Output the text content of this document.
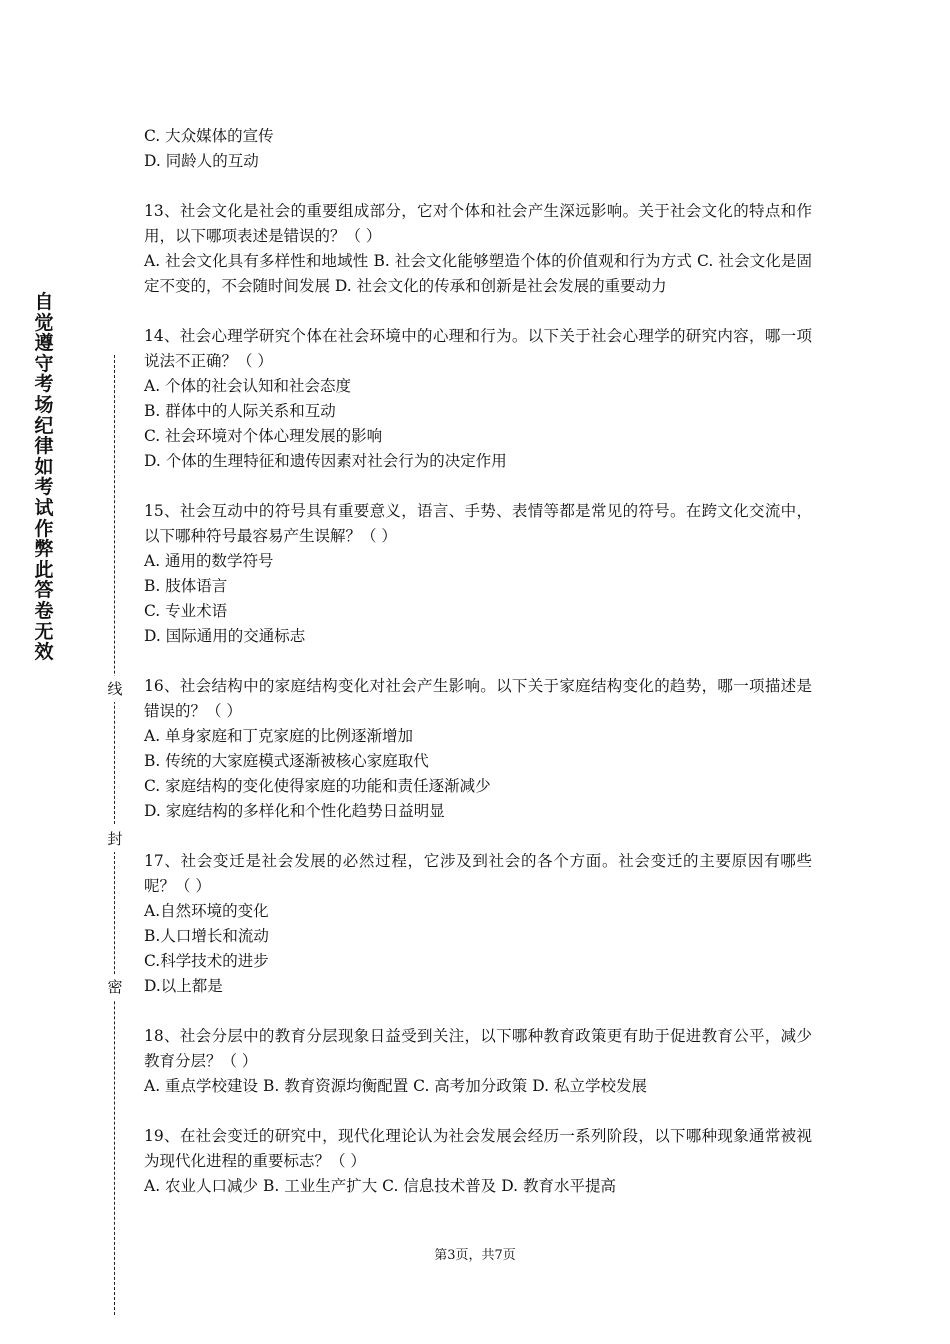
自觉遵守考场纪律如考试作弊此答卷无效
线
封
密

C. 大众媒体的宣传

D. 同龄人的互动

13、社会文化是社会的重要组成部分，它对个体和社会产生深远影响。关于社会文化的特点和作用，以下哪项表述是错误的？（ ）

A. 社会文化具有多样性和地域性 B. 社会文化能够塑造个体的价值观和行为方式 C. 社会文化是固定不变的，不会随时间发展 D. 社会文化的传承和创新是社会发展的重要动力

14、社会心理学研究个体在社会环境中的心理和行为。以下关于社会心理学的研究内容，哪一项说法不正确？（ ）

A. 个体的社会认知和社会态度

B. 群体中的人际关系和互动

C. 社会环境对个体心理发展的影响

D. 个体的生理特征和遗传因素对社会行为的决定作用

15、社会互动中的符号具有重要意义，语言、手势、表情等都是常见的符号。在跨文化交流中，以下哪种符号最容易产生误解？（ ）

A. 通用的数学符号

B. 肢体语言

C. 专业术语

D. 国际通用的交通标志

16、社会结构中的家庭结构变化对社会产生影响。以下关于家庭结构变化的趋势，哪一项描述是错误的？（ ）

A. 单身家庭和丁克家庭的比例逐渐增加

B. 传统的大家庭模式逐渐被核心家庭取代

C. 家庭结构的变化使得家庭的功能和责任逐渐减少

D. 家庭结构的多样化和个性化趋势日益明显

17、社会变迁是社会发展的必然过程，它涉及到社会的各个方面。社会变迁的主要原因有哪些呢？（ ）

A.自然环境的变化

B.人口增长和流动

C.科学技术的进步

D.以上都是

18、社会分层中的教育分层现象日益受到关注，以下哪种教育政策更有助于促进教育公平，减少教育分层？（ ）

A. 重点学校建设 B. 教育资源均衡配置 C. 高考加分政策 D. 私立学校发展

19、在社会变迁的研究中，现代化理论认为社会发展会经历一系列阶段，以下哪种现象通常被视为现代化进程的重要标志？（ ）

A. 农业人口减少 B. 工业生产扩大 C. 信息技术普及 D. 教育水平提高

第3页，共7页
